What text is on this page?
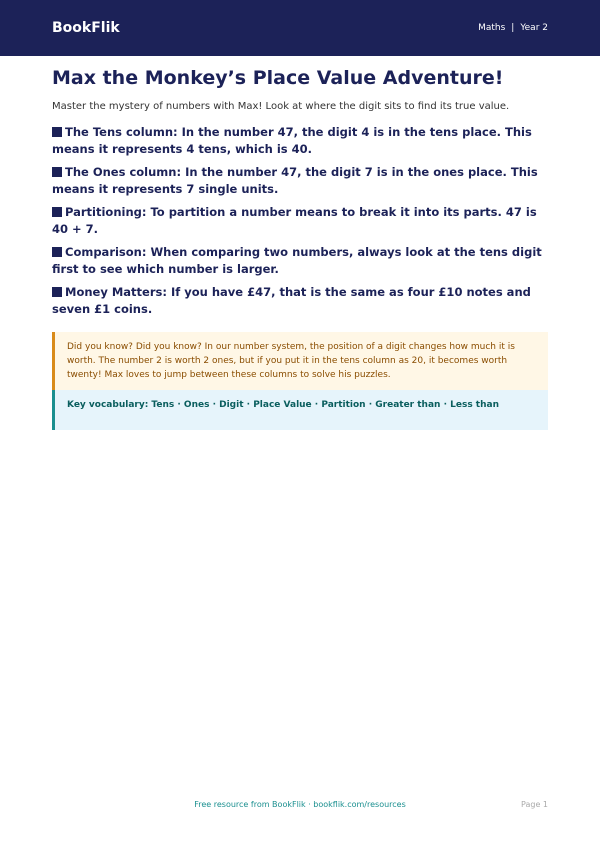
BookFlik	Maths | Year 2
Max the Monkey’s Place Value Adventure!

Master the mystery of numbers with Max! Look at where the digit sits to find its true value.

The Tens column: In the number 47, the digit 4 is in the tens place. This means it represents 4 tens, which is 40.
The Ones column: In the number 47, the digit 7 is in the ones place. This means it represents 7 single units.
Partitioning: To partition a number means to break it into its parts. 47 is 40 + 7.
Comparison: When comparing two numbers, always look at the tens digit first to see which number is larger.
Money Matters: If you have £47, that is the same as four £10 notes and seven £1 coins.
Did you know? Did you know? In our number system, the position of a digit changes how much it is worth. The number 2 is worth 2 ones, but if you put it in the tens column as 20, it becomes worth twenty! Max loves to jump between these columns to solve his puzzles.
Key vocabulary: Tens · Ones · Digit · Place Value · Partition · Greater than · Less than
Free resource from BookFlik · bookflik.com/resources	Page 1
